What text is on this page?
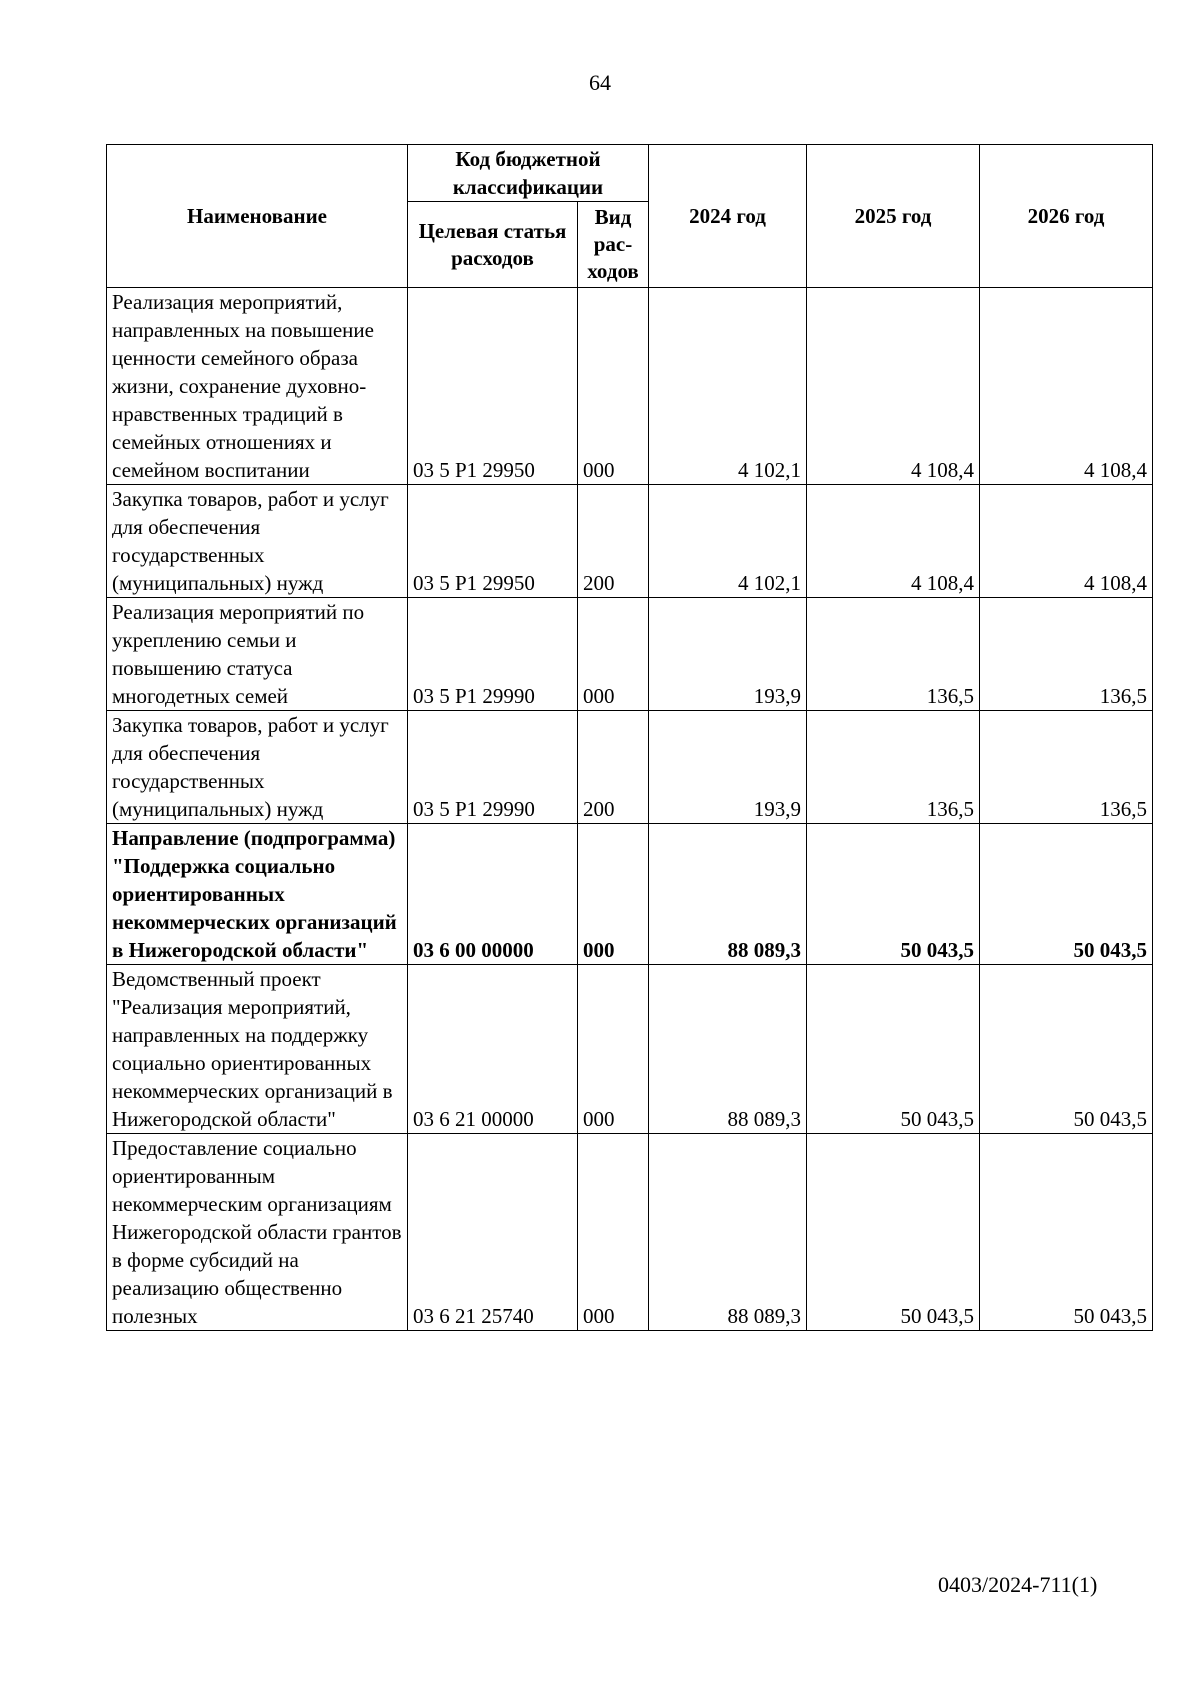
64
Наименование	Код бюджетной классификации		2024 год	2025 год	2026 год
	Целевая статья расходов	Вид рас-ходов			
Реализация мероприятий, направленных на повышение ценности семейного образа жизни, сохранение духовно-нравственных традиций в семейных отношениях и семейном воспитании	03 5 P1 29950	000	4 102,1	4 108,4	4 108,4
Закупка товаров, работ и услуг для обеспечения государственных (муниципальных) нужд	03 5 P1 29950	200	4 102,1	4 108,4	4 108,4
Реализация мероприятий по укреплению семьи и повышению статуса многодетных семей	03 5 P1 29990	000	193,9	136,5	136,5
Закупка товаров, работ и услуг для обеспечения государственных (муниципальных) нужд	03 5 P1 29990	200	193,9	136,5	136,5
Направление (подпрограмма) "Поддержка социально ориентированных некоммерческих организаций в Нижегородской области"	03 6 00 00000	000	88 089,3	50 043,5	50 043,5
Ведомственный проект "Реализация мероприятий, направленных на поддержку социально ориентированных некоммерческих организаций в Нижегородской области"	03 6 21 00000	000	88 089,3	50 043,5	50 043,5
Предоставление социально ориентированным некоммерческим организациям Нижегородской области грантов в форме субсидий на реализацию общественно полезных	03 6 21 25740	000	88 089,3	50 043,5	50 043,5
0403/2024-711(1)
